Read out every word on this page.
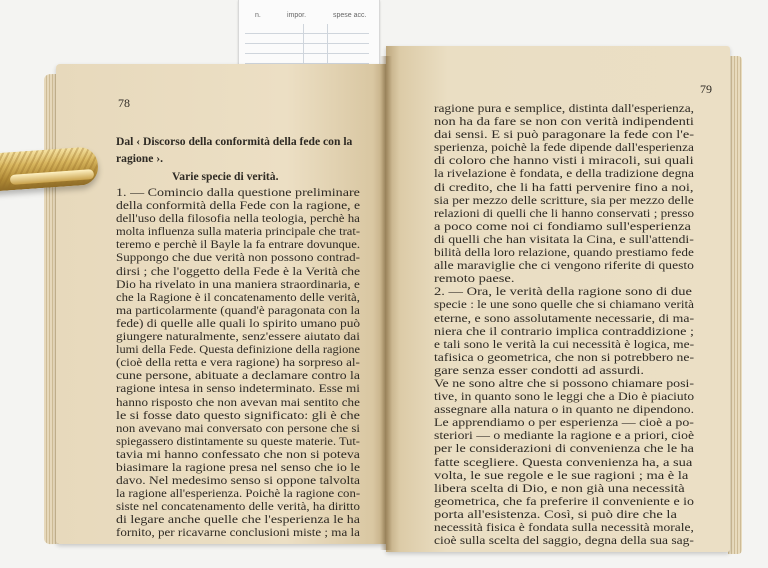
n.	impor.	spese acc.
78
Dal ‹ Discorso della conformità della fede con la ragione ›.
Varie specie di verità.
1. — Comincio dalla questione preliminare
della conformità della Fede con la ragione, e
dell'uso della filosofia nella teologia, perchè ha
molta influenza sulla materia principale che trat-
teremo e perchè il Bayle la fa entrare dovunque.
Suppongo che due verità non possono contrad-
dirsi ; che l'oggetto della Fede è la Verità che
Dio ha rivelato in una maniera straordinaria, e
che la Ragione è il concatenamento delle verità,
ma particolarmente (quand'è paragonata con la
fede) di quelle alle quali lo spirito umano può
giungere naturalmente, senz'essere aiutato dai
lumi della Fede. Questa definizione della ragione
(cioè della retta e vera ragione) ha sorpreso al-
cune persone, abituate a declamare contro la
ragione intesa in senso indeterminato. Esse mi
hanno risposto che non avevan mai sentito che
le si fosse dato questo significato: gli è che
non avevano mai conversato con persone che si
spiegassero distintamente su queste materie. Tut-
tavia mi hanno confessato che non si poteva
biasimare la ragione presa nel senso che io le
davo. Nel medesimo senso si oppone talvolta
la ragione all'esperienza. Poichè la ragione con-
siste nel concatenamento delle verità, ha diritto
di legare anche quelle che l'esperienza le ha
fornito, per ricavarne conclusioni miste ; ma la
79
ragione pura e semplice, distinta dall'esperienza,
non ha da fare se non con verità indipendenti
dai sensi. E si può paragonare la fede con l'e-
sperienza, poichè la fede dipende dall'esperienza
di coloro che hanno visti i miracoli, sui quali
la rivelazione è fondata, e della tradizione degna
di credito, che li ha fatti pervenire fino a noi,
sia per mezzo delle scritture, sia per mezzo delle
relazioni di quelli che li hanno conservati ; presso
a poco come noi ci fondiamo sull'esperienza
di quelli che han visitata la Cina, e sull'attendi-
bilità della loro relazione, quando prestiamo fede
alle maraviglie che ci vengono riferite di questo
remoto paese.
2. — Ora, le verità della ragione sono di due
specie : le une sono quelle che si chiamano verità
eterne, e sono assolutamente necessarie, di ma-
niera che il contrario implica contraddizione ;
e tali sono le verità la cui necessità è logica, me-
tafisica o geometrica, che non si potrebbero ne-
gare senza esser condotti ad assurdi.
Ve ne sono altre che si possono chiamare posi-
tive, in quanto sono le leggi che a Dio è piaciuto
assegnare alla natura o in quanto ne dipendono.
Le apprendiamo o per esperienza — cioè a po-
steriori — o mediante la ragione e a priori, cioè
per le considerazioni di convenienza che le ha
fatte scegliere. Questa convenienza ha, a sua
volta, le sue regole e le sue ragioni ; ma è la
libera scelta di Dio, e non già una necessità
geometrica, che fa preferire il conveniente e io
porta all'esistenza. Così, si può dire che la
necessità fisica è fondata sulla necessità morale,
cioè sulla scelta del saggio, degna della sua sag-
